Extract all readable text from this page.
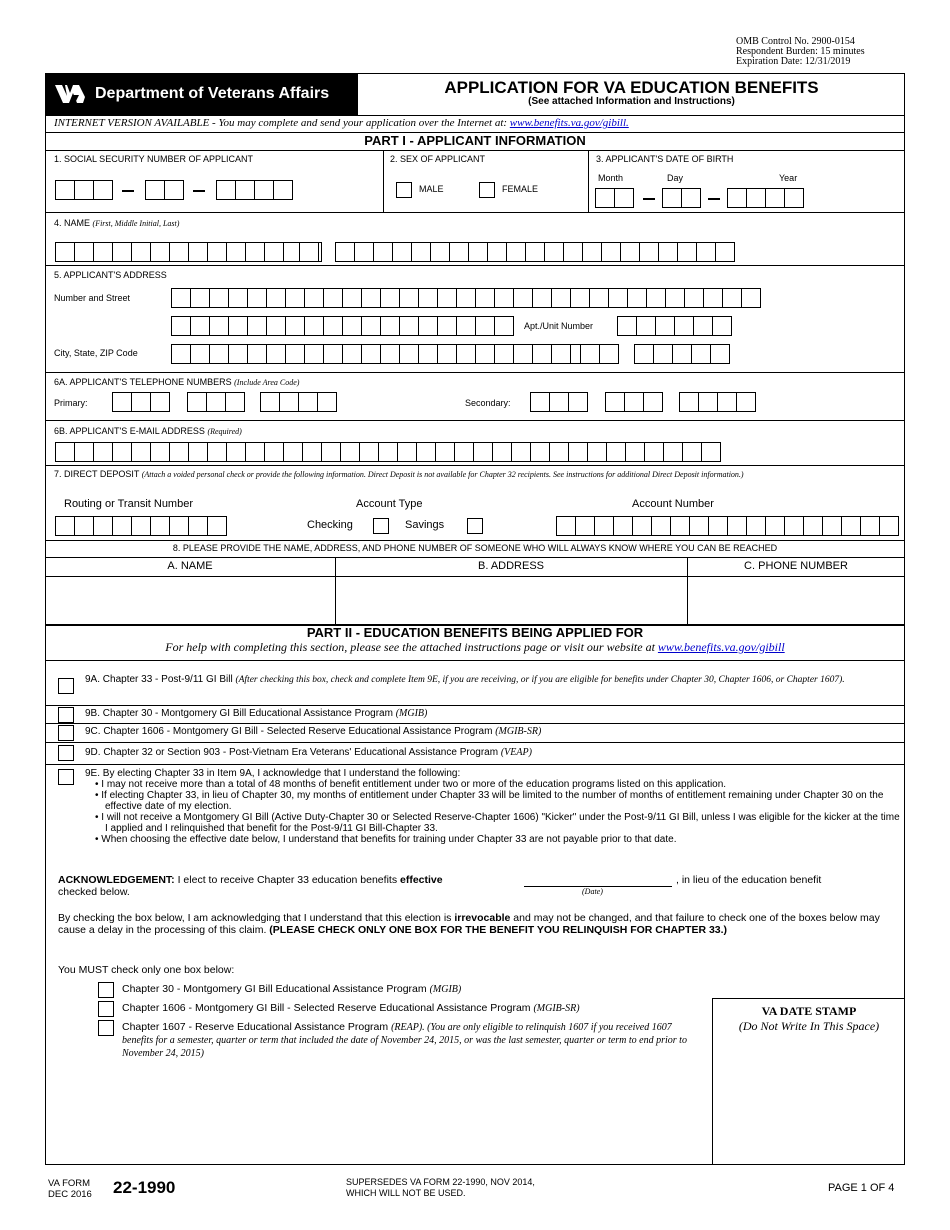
OMB Control No. 2900-0154
Respondent Burden: 15 minutes
Expiration Date: 12/31/2019
Department of Veterans Affairs	APPLICATION FOR VA EDUCATION BENEFITS
(See attached Information and Instructions)
INTERNET VERSION AVAILABLE - You may complete and send your application over the Internet at: www.benefits.va.gov/gibill.
PART I - APPLICANT INFORMATION
1. SOCIAL SECURITY NUMBER OF APPLICANT	2. SEX OF APPLICANT
MALE	FEMALE
3. APPLICANT'S DATE OF BIRTH
Month	Day	Year
4. NAME (First, Middle Initial, Last)
5. APPLICANT'S ADDRESS
Number and Street
Apt./Unit Number
City, State, ZIP Code
6A. APPLICANT'S TELEPHONE NUMBERS (Include Area Code)
Primary:	Secondary:
6B. APPLICANT'S E-MAIL ADDRESS (Required)
7. DIRECT DEPOSIT (Attach a voided personal check or provide the following information. Direct Deposit is not available for Chapter 32 recipients. See instructions for additional Direct Deposit information.)
Routing or Transit Number	Account Type	Account Number
Checking	Savings
8. PLEASE PROVIDE THE NAME, ADDRESS, AND PHONE NUMBER OF SOMEONE WHO WILL ALWAYS KNOW WHERE YOU CAN BE REACHED
A. NAME	B. ADDRESS	C. PHONE NUMBER
PART II - EDUCATION BENEFITS BEING APPLIED FOR
For help with completing this section, please see the attached instructions page or visit our website at www.benefits.va.gov/gibill
9A. Chapter 33 - Post-9/11 GI Bill (After checking this box, check and complete Item 9E, if you are receiving, or if you are eligible for benefits under Chapter 30, Chapter 1606, or Chapter 1607).
9B. Chapter 30 - Montgomery GI Bill Educational Assistance Program (MGIB)
9C. Chapter 1606 - Montgomery GI Bill - Selected Reserve Educational Assistance Program (MGIB-SR)
9D. Chapter 32 or Section 903 - Post-Vietnam Era Veterans' Educational Assistance Program (VEAP)
9E. By electing Chapter 33 in Item 9A, I acknowledge that I understand the following:
• I may not receive more than a total of 48 months of benefit entitlement under two or more of the education programs listed on this application.
• If electing Chapter 33, in lieu of Chapter 30, my months of entitlement under Chapter 33 will be limited to the number of months of entitlement remaining under Chapter 30 on the effective date of my election.
• I will not receive a Montgomery GI Bill (Active Duty-Chapter 30 or Selected Reserve-Chapter 1606) "Kicker" under the Post-9/11 GI Bill, unless I was eligible for the kicker at the time I applied and I relinquished that benefit for the Post-9/11 GI Bill-Chapter 33.
• When choosing the effective date below, I understand that benefits for training under Chapter 33 are not payable prior to that date.
ACKNOWLEDGEMENT: I elect to receive Chapter 33 education benefits effective	, in lieu of the education benefit
checked below.	(Date)
By checking the box below, I am acknowledging that I understand that this election is irrevocable and may not be changed, and that failure to check one of the boxes below may cause a delay in the processing of this claim. (PLEASE CHECK ONLY ONE BOX FOR THE BENEFIT YOU RELINQUISH FOR CHAPTER 33.)
You MUST check only one box below:
Chapter 30 - Montgomery GI Bill Educational Assistance Program (MGIB)
Chapter 1606 - Montgomery GI Bill - Selected Reserve Educational Assistance Program (MGIB-SR)
Chapter 1607 - Reserve Educational Assistance Program (REAP). (You are only eligible to relinquish 1607 if you received 1607 benefits for a semester, quarter or term that included the date of November 24, 2015, or was the last semester, quarter or term to end prior to November 24, 2015)
VA DATE STAMP
(Do Not Write In This Space)
VA FORM
DEC 2016 22-1990	SUPERSEDES VA FORM 22-1990, NOV 2014,
WHICH WILL NOT BE USED.	PAGE 1 OF 4
